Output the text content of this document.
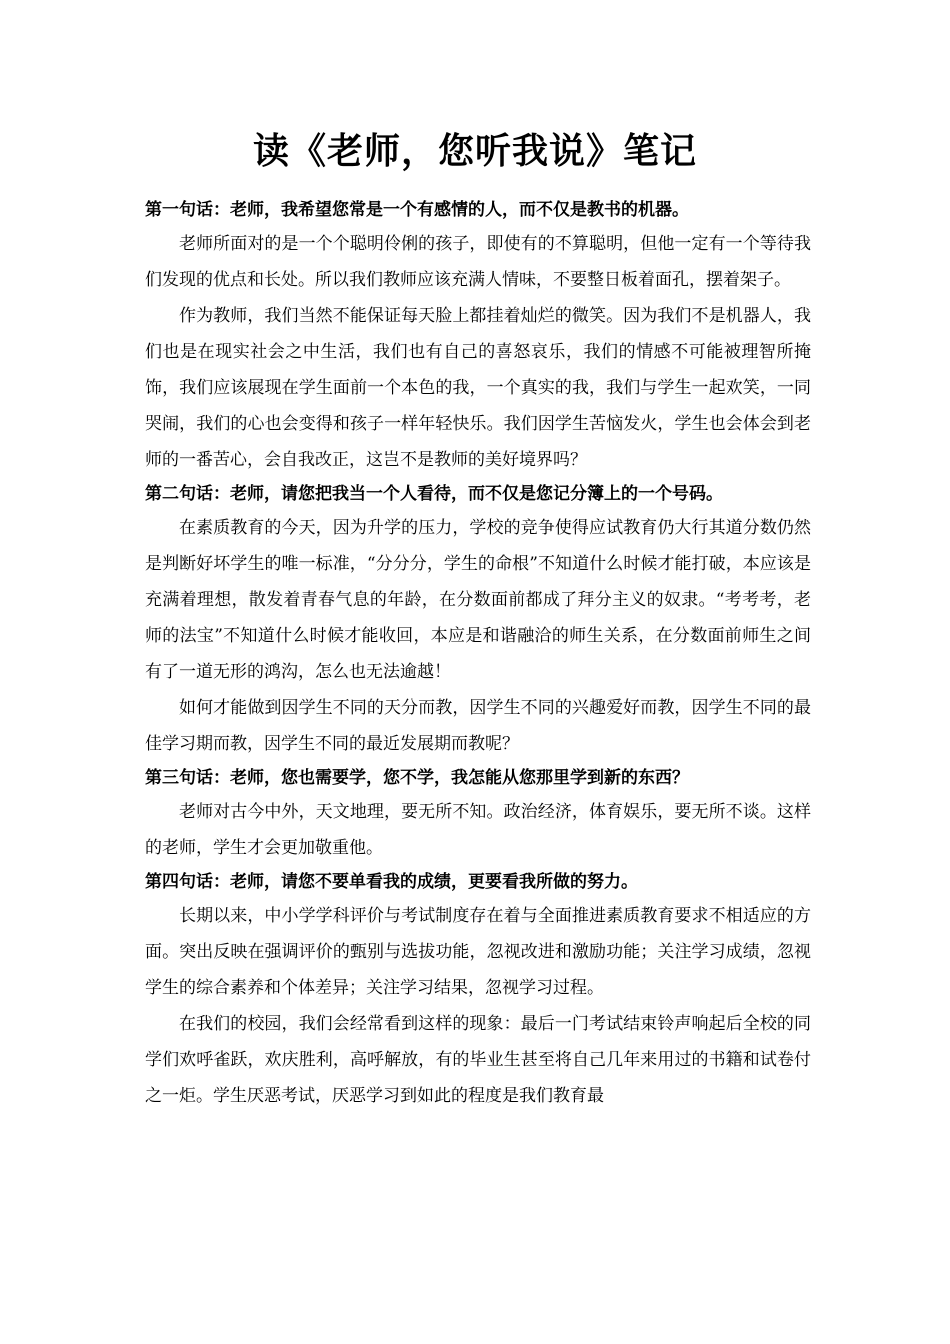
读《老师，您听我说》笔记

第一句话：老师，我希望您常是一个有感情的人，而不仅是教书的机器。

老师所面对的是一个个聪明伶俐的孩子，即使有的不算聪明，但他一定有一个等待我们发现的优点和长处。所以我们教师应该充满人情味，不要整日板着面孔，摆着架子。

作为教师，我们当然不能保证每天脸上都挂着灿烂的微笑。因为我们不是机器人，我们也是在现实社会之中生活，我们也有自己的喜怒哀乐，我们的情感不可能被理智所掩饰，我们应该展现在学生面前一个本色的我，一个真实的我，我们与学生一起欢笑，一同哭闹，我们的心也会变得和孩子一样年轻快乐。我们因学生苦恼发火，学生也会体会到老师的一番苦心，会自我改正，这岂不是教师的美好境界吗？

第二句话：老师，请您把我当一个人看待，而不仅是您记分簿上的一个号码。

在素质教育的今天，因为升学的压力，学校的竞争使得应试教育仍大行其道分数仍然是判断好坏学生的唯一标准，“分分分，学生的命根”不知道什么时候才能打破，本应该是充满着理想，散发着青春气息的年龄，在分数面前都成了拜分主义的奴隶。“考考考，老师的法宝”不知道什么时候才能收回，本应是和谐融洽的师生关系，在分数面前师生之间有了一道无形的鸿沟，怎么也无法逾越！

如何才能做到因学生不同的天分而教，因学生不同的兴趣爱好而教，因学生不同的最佳学习期而教，因学生不同的最近发展期而教呢？

第三句话：老师，您也需要学，您不学，我怎能从您那里学到新的东西？

老师对古今中外，天文地理，要无所不知。政治经济，体育娱乐，要无所不谈。这样的老师，学生才会更加敬重他。

第四句话：老师，请您不要单看我的成绩，更要看我所做的努力。

长期以来，中小学学科评价与考试制度存在着与全面推进素质教育要求不相适应的方面。突出反映在强调评价的甄别与选拔功能，忽视改进和激励功能；关注学习成绩，忽视学生的综合素养和个体差异；关注学习结果，忽视学习过程。

在我们的校园，我们会经常看到这样的现象：最后一门考试结束铃声响起后全校的同学们欢呼雀跃，欢庆胜利，高呼解放，有的毕业生甚至将自己几年来用过的书籍和试卷付之一炬。学生厌恶考试，厌恶学习到如此的程度是我们教育最
